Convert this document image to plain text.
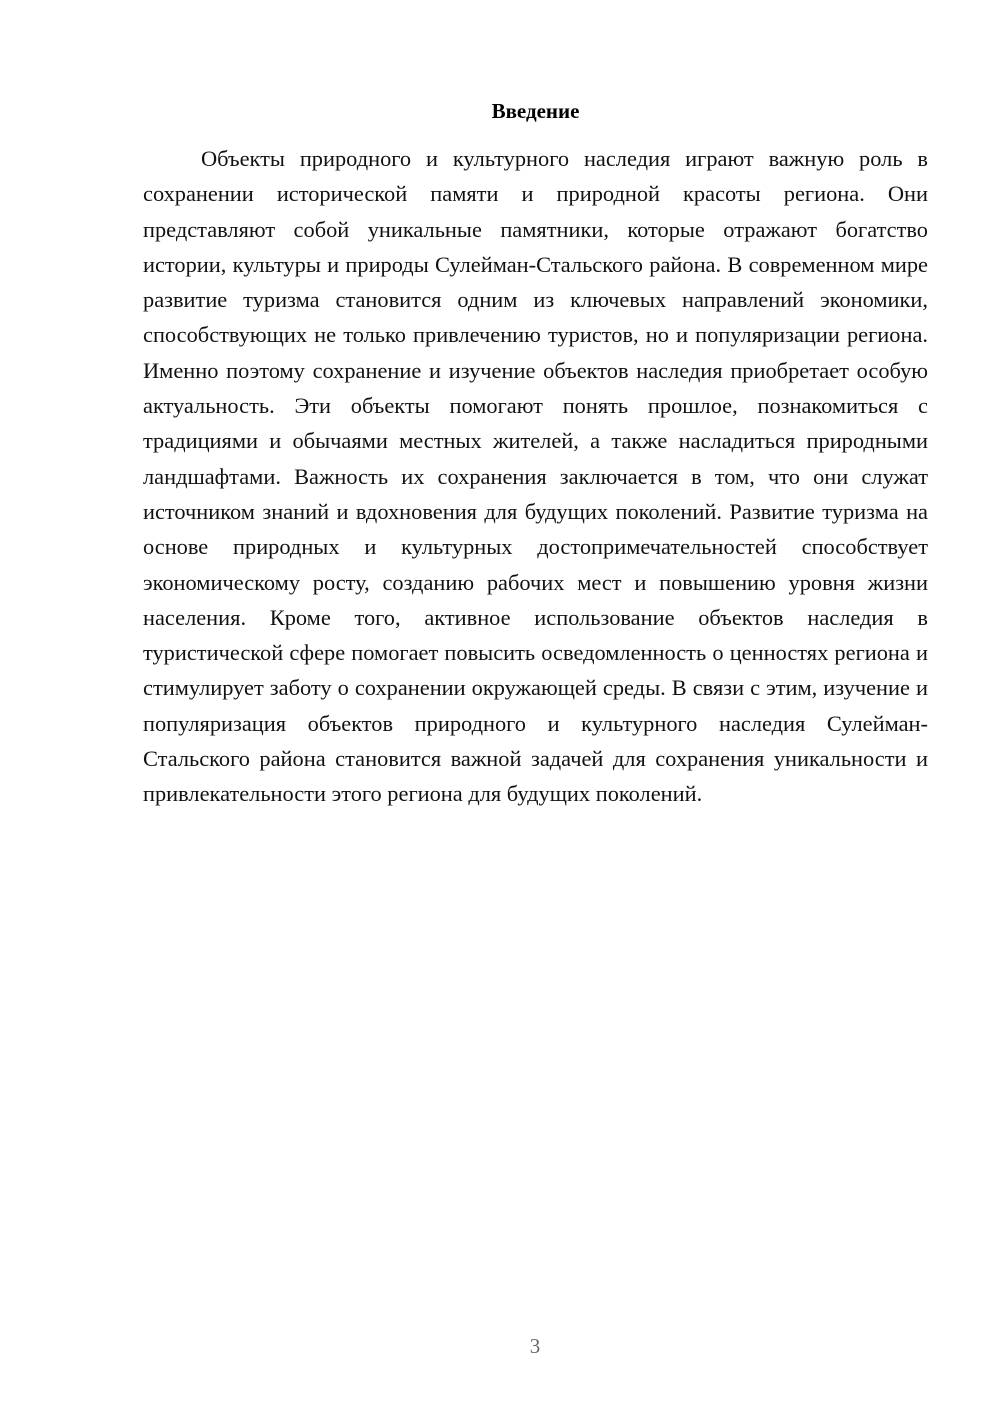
Введение

Объекты природного и культурного наследия играют важную роль в сохранении исторической памяти и природной красоты региона. Они представляют собой уникальные памятники, которые отражают богатство истории, культуры и природы Сулейман-Стальского района. В современном мире развитие туризма становится одним из ключевых направлений экономики, способствующих не только привлечению туристов, но и популяризации региона. Именно поэтому сохранение и изучение объектов наследия приобретает особую актуальность. Эти объекты помогают понять прошлое, познакомиться с традициями и обычаями местных жителей, а также насладиться природными ландшафтами. Важность их сохранения заключается в том, что они служат источником знаний и вдохновения для будущих поколений. Развитие туризма на основе природных и культурных достопримечательностей способствует экономическому росту, созданию рабочих мест и повышению уровня жизни населения. Кроме того, активное использование объектов наследия в туристической сфере помогает повысить осведомленность о ценностях региона и стимулирует заботу о сохранении окружающей среды. В связи с этим, изучение и популяризация объектов природного и культурного наследия Сулейман-Стальского района становится важной задачей для сохранения уникальности и привлекательности этого региона для будущих поколений.

3
